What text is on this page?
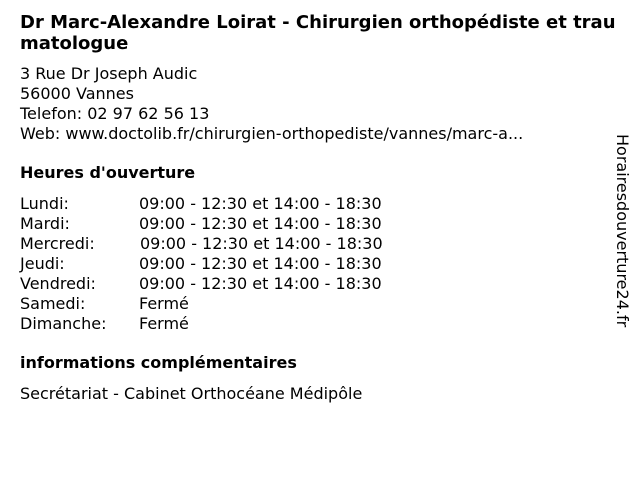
Dr Marc-Alexandre Loirat - Chirurgien orthopédiste et traumatologue
3 Rue Dr Joseph Audic
56000 Vannes
Telefon: 02 97 62 56 13
Web: www.doctolib.fr/chirurgien-orthopediste/vannes/marc-a...
Heures d'ouverture
Lundi:	09:00 - 12:30 et 14:00 - 18:30
Mardi:	09:00 - 12:30 et 14:00 - 18:30
Mercredi:	09:00 - 12:30 et 14:00 - 18:30
Jeudi:	09:00 - 12:30 et 14:00 - 18:30
Vendredi:	09:00 - 12:30 et 14:00 - 18:30
Samedi:	Fermé
Dimanche: Fermé
informations complémentaires
Secrétariat - Cabinet Orthocéane Médipôle
Horairesdouverture24.fr
